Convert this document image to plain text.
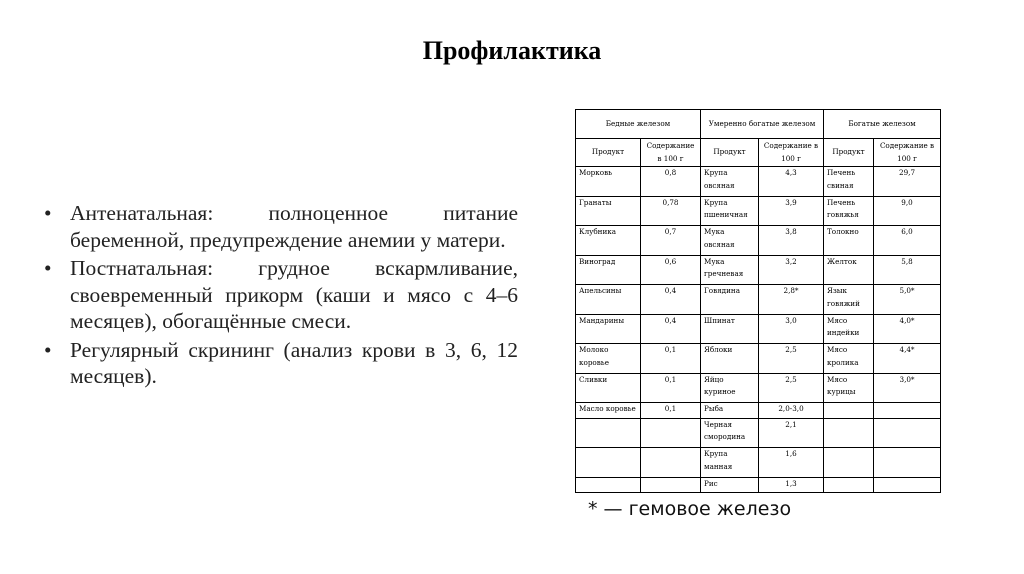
Профилактика
• Антенатальная: полноценное питание беременной, предупреждение анемии у матери.
• Постнатальная: грудное вскармливание, своевременный прикорм (каши и мясо с 4–6 месяцев), обогащённые смеси.
• Регулярный скрининг (анализ крови в 3, 6, 12 месяцев).
Бедные железом		Умеренно богатые железом		Богатые железом	
Продукт	Содержание в 100 г	Продукт	Содержание в 100 г	Продукт	Содержание в 100 г
Морковь	0,8	Крупа овсяная	4,3	Печень свиная	29,7
Гранаты	0,78	Крупа пшеничная	3,9	Печень говяжья	9,0
Клубника	0,7	Мука овсяная	3,8	Толокно	6,0
Виноград	0,6	Мука гречневая	3,2	Желток	5,8
Апельсины	0,4	Говядина	2,8*	Язык говяжий	5,0*
Мандарины	0,4	Шпинат	3,0	Мясо индейки	4,0*
Молоко коровье	0,1	Яблоки	2,5	Мясо кролика	4,4*
Сливки	0,1	Яйцо куриное	2,5	Мясо курицы	3,0*
Масло коровье	0,1	Рыба	2,0-3,0		
		Черная смородина	2,1		
		Крупа манная	1,6		
		Рис	1,3		
* — гемовое железо
